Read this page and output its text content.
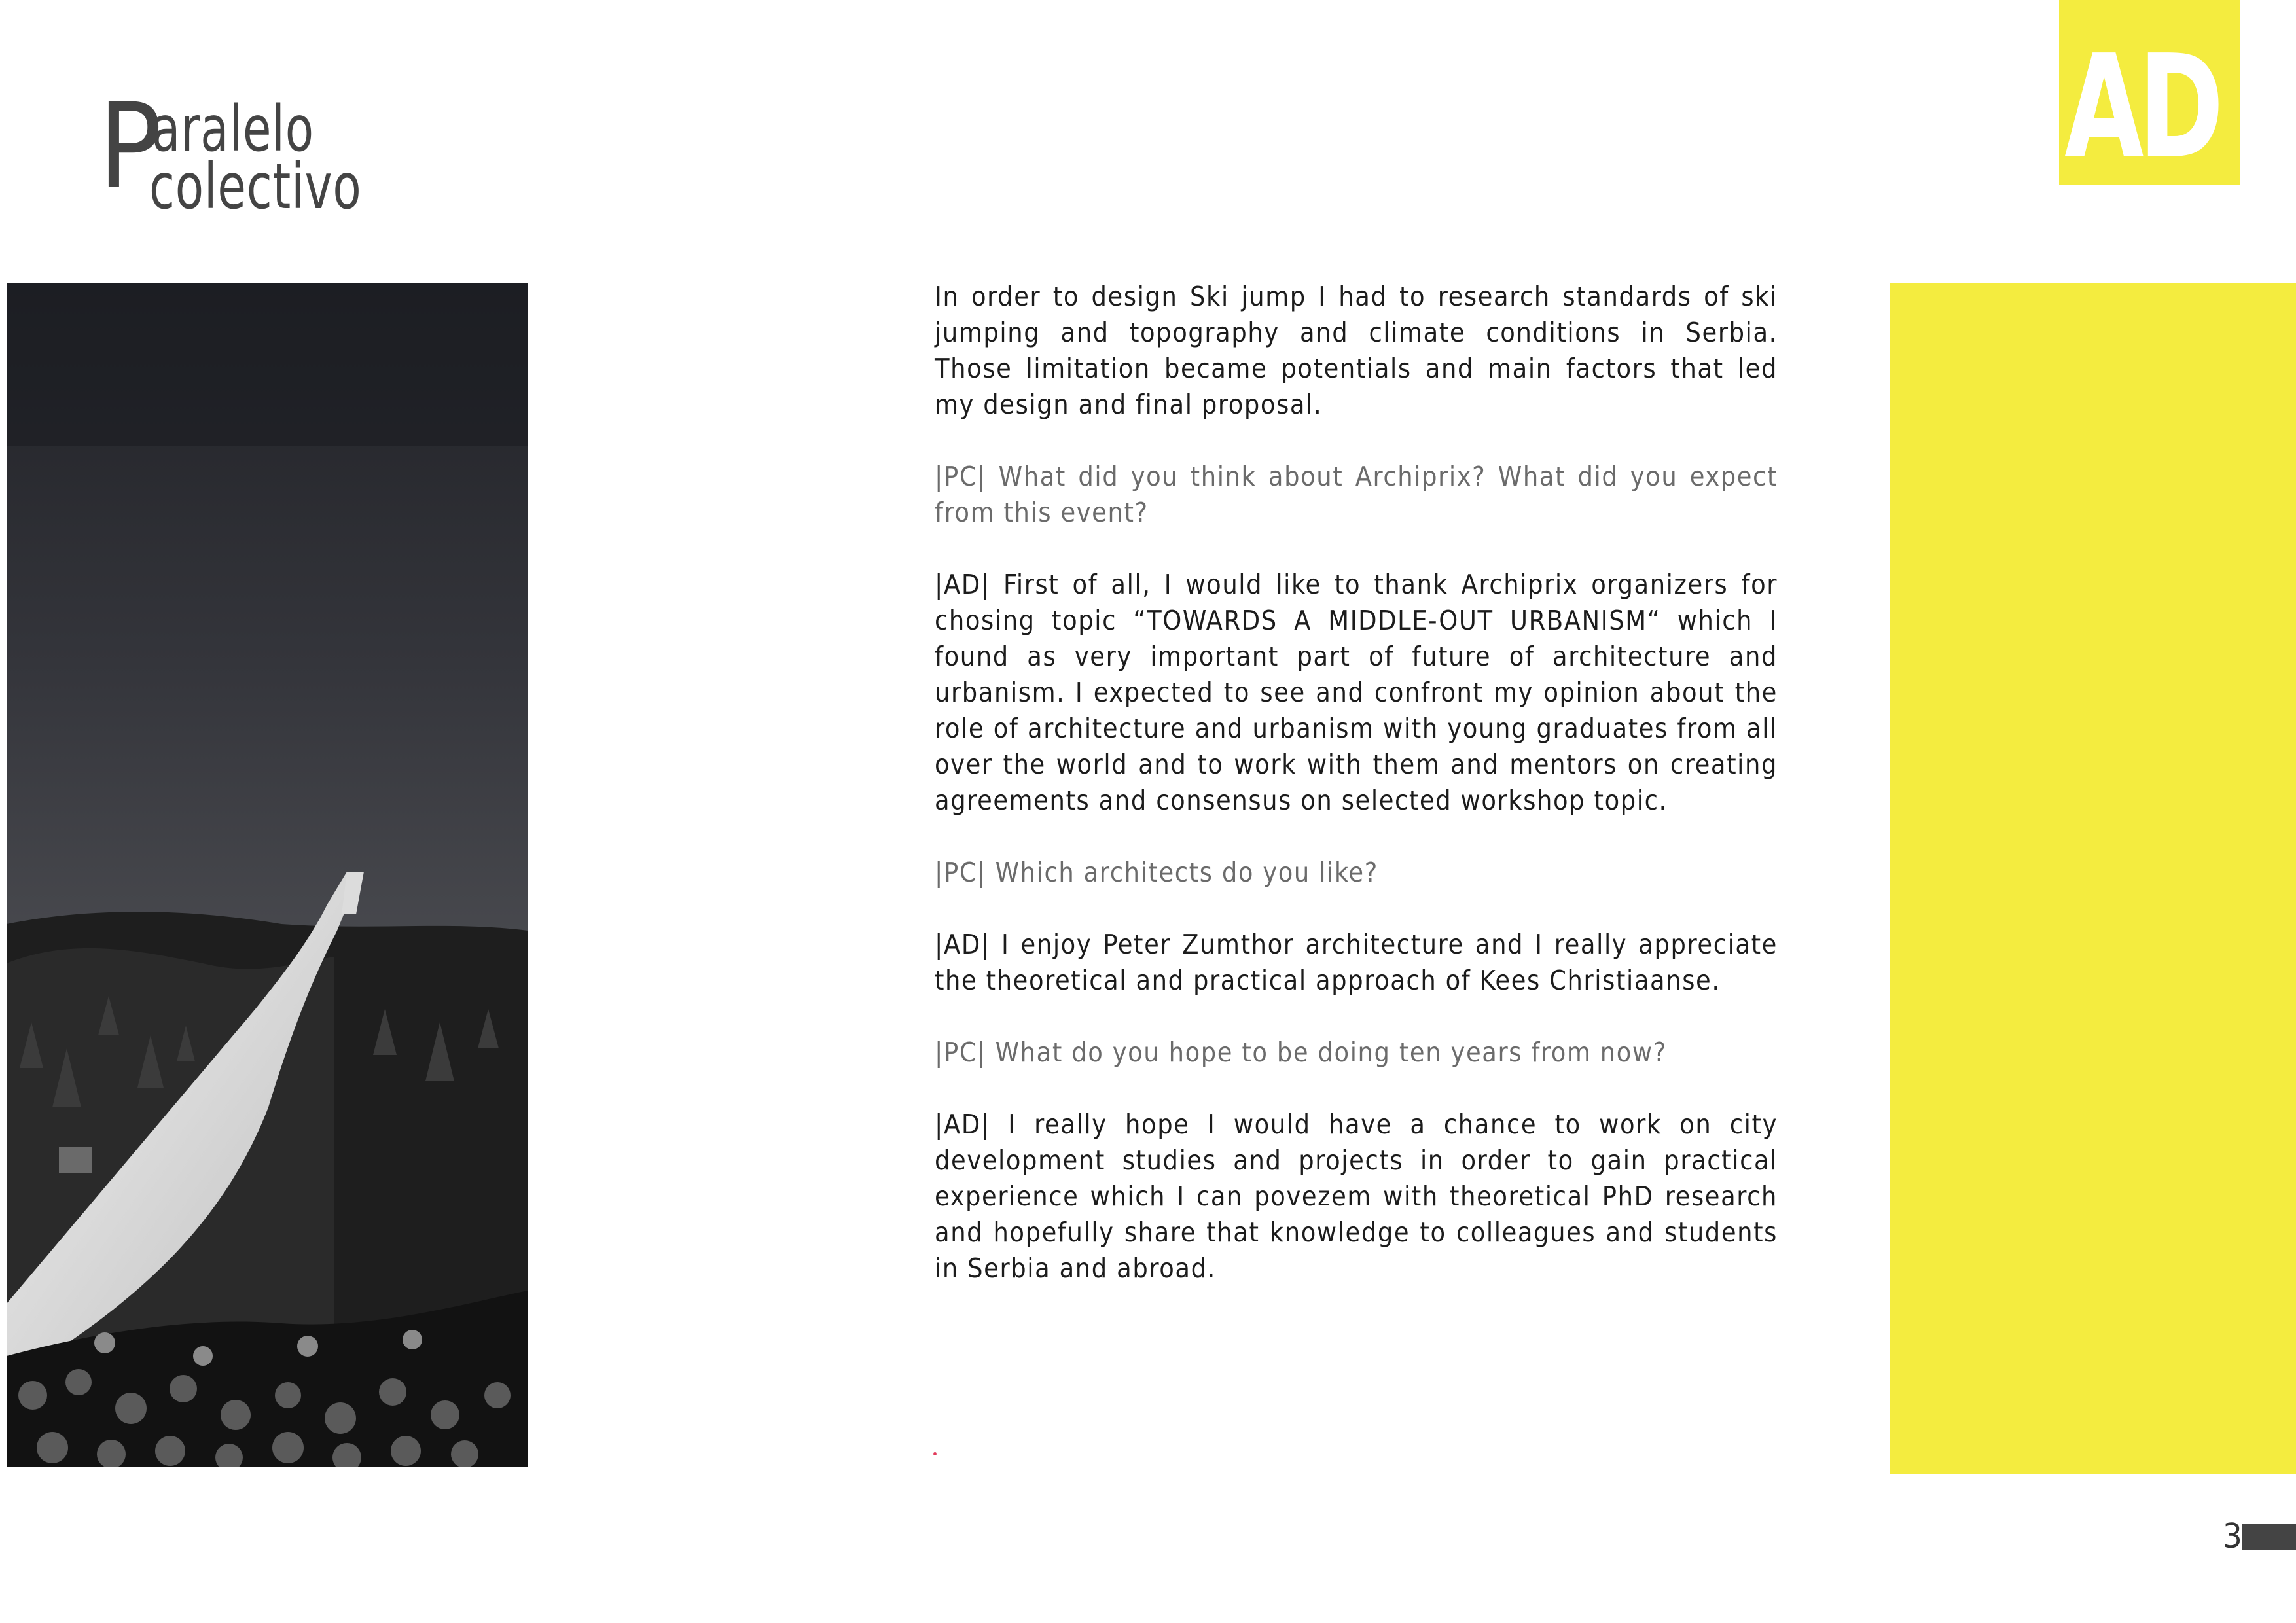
P
aralelo
colectivo	AD

In order to design Ski jump I had to research standards of ski jumping and topography and climate conditions in Serbia. Those limitation became potentials and main factors that led my design and final proposal.

|PC| What did you think about Archiprix? What did you expect from this event?

|AD| First of all, I would like to thank Archiprix organizers for chosing topic “TOWARDS A MIDDLE-OUT URBANISM“ which I found as very important part of future of architecture and urbanism. I expected to see and confront my opinion about the role of architecture and urbanism with young graduates from all over the world and to work with them and mentors on creating agreements and consensus on selected workshop topic.

|PC| Which architects do you like?

|AD| I enjoy Peter Zumthor architecture and I really appreciate the theoretical and practical approach of Kees Christiaanse.

|PC| What do you hope to be doing ten years from now?

|AD| I really hope I would have a chance to work on city development studies and projects in order to gain practical experience which I can povezem with theoretical PhD research and hopefully share that knowledge to colleagues and students in Serbia and abroad.

3
